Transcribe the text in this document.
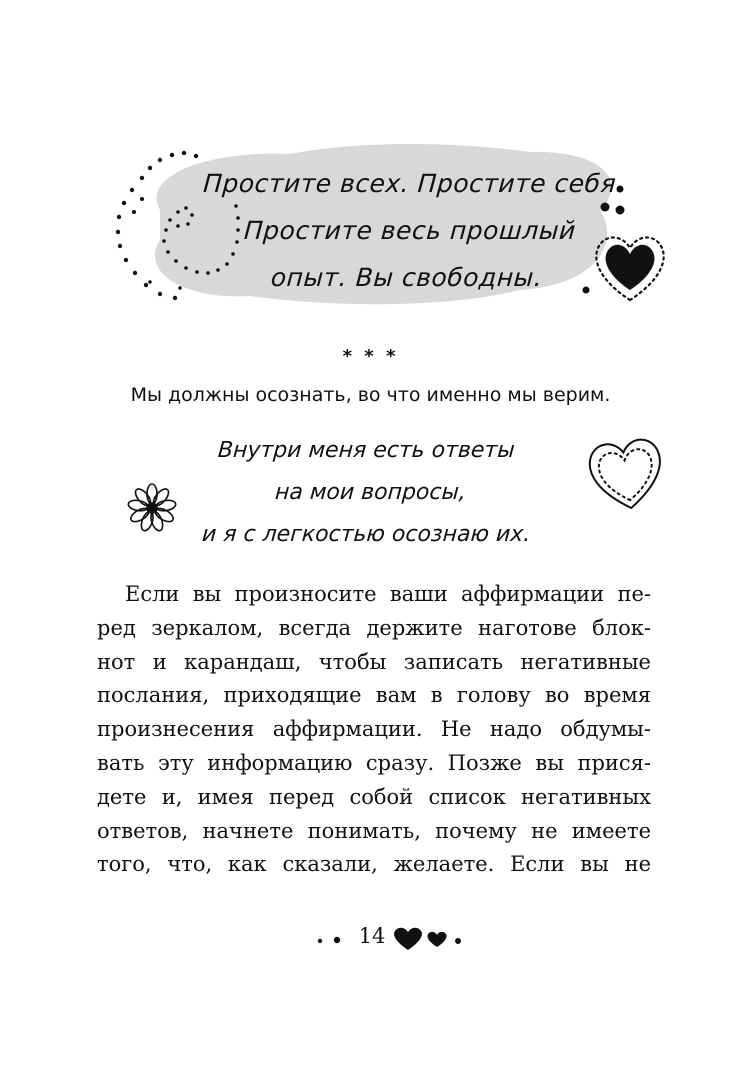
Простите всех. Простите себя.
Простите весь прошлый
опыт. Вы свободны.
* * *
Мы должны осознать, во что именно мы верим.
Внутри меня есть ответы
на мои вопросы,
и я с легкостью осознаю их.
Если вы произносите ваши аффирмации пе-
ред зеркалом, всегда держите наготове блок-
нот и карандаш, чтобы записать негативные
послания, приходящие вам в голову во время
произнесения аффирмации. Не надо обдумы-
вать эту информацию сразу. Позже вы прися-
дете и, имея перед собой список негативных
ответов, начнете понимать, почему не имеете
того, что, как сказали, желаете. Если вы не
14
